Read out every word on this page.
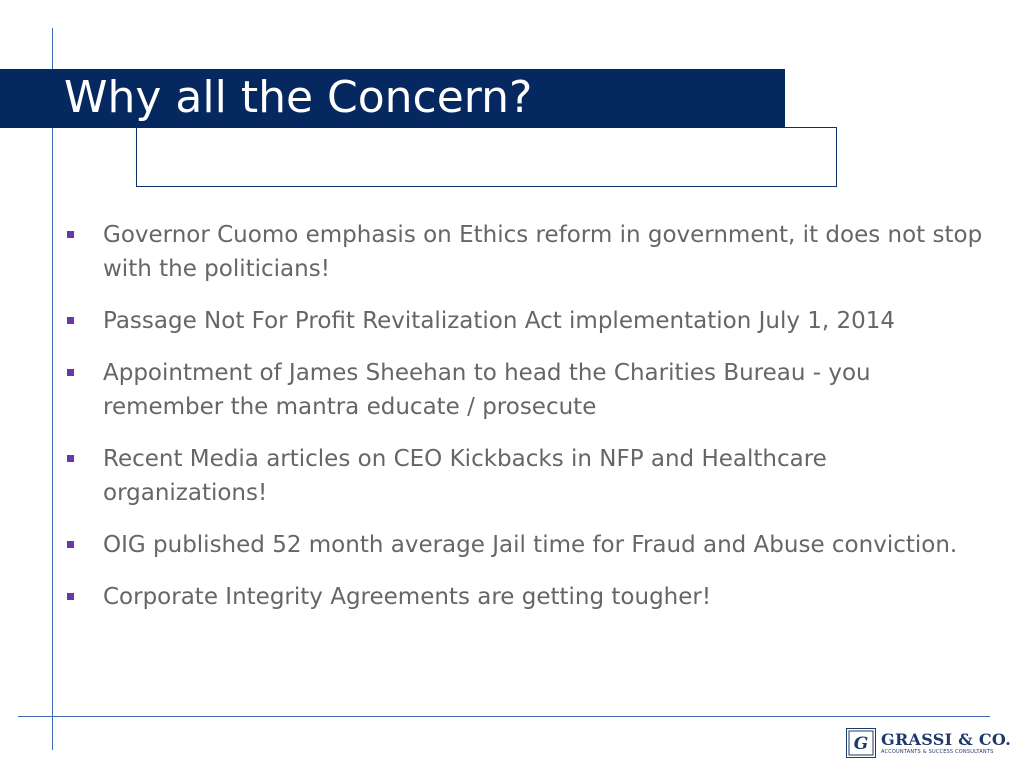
Why all the Concern?
Governor Cuomo emphasis on Ethics reform in government, it does not stop with the politicians!
Passage Not For Profit Revitalization Act implementation July 1, 2014
Appointment of James Sheehan to head the Charities Bureau - you remember the mantra educate / prosecute
Recent Media articles on CEO Kickbacks in NFP and Healthcare organizations!
OIG published 52 month average Jail time for Fraud and Abuse conviction.
Corporate Integrity Agreements are getting tougher!
G GRASSI & CO.
ACCOUNTANTS & SUCCESS CONSULTANTS
